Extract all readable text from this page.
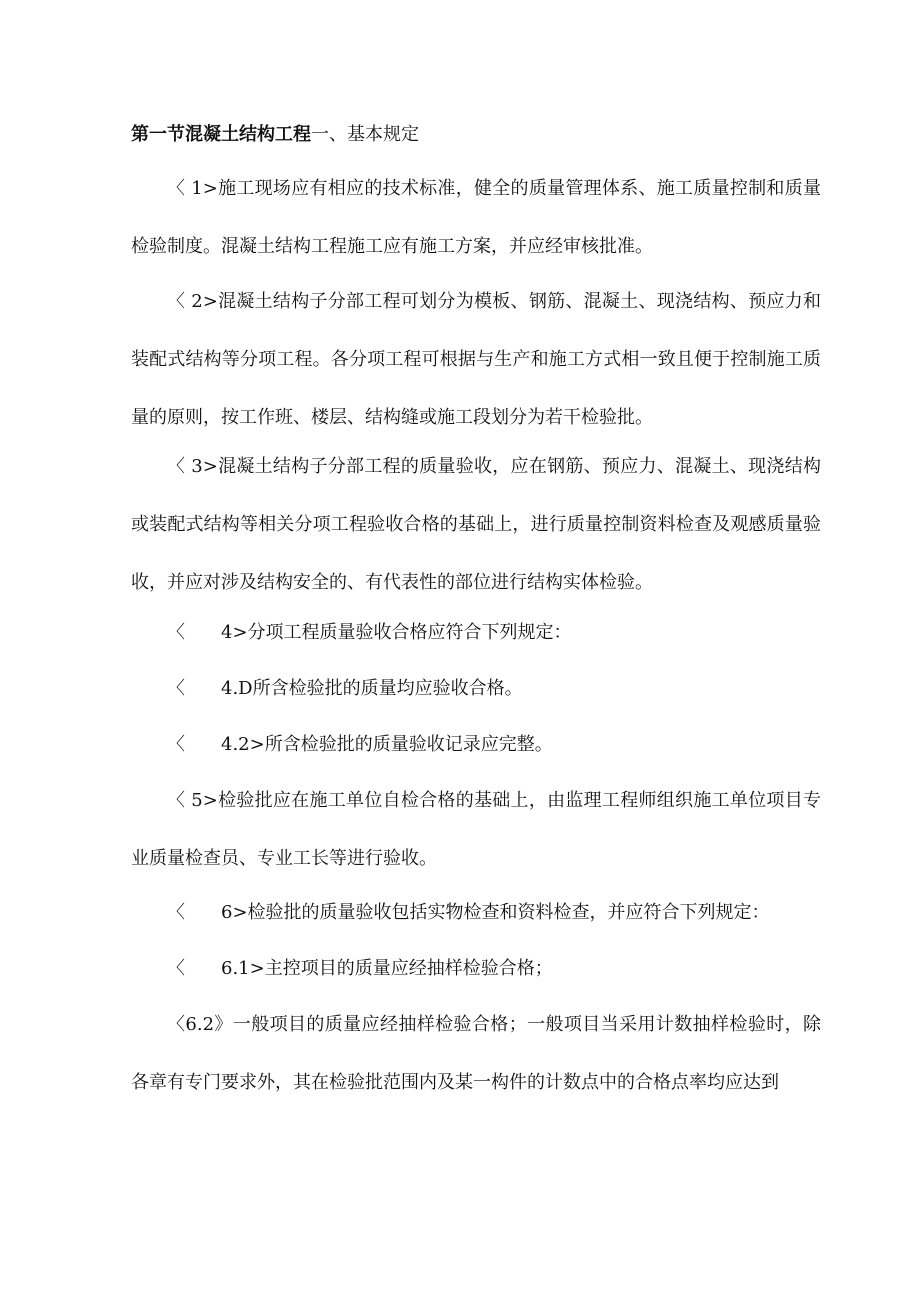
第一节混凝土结构工程一、基本规定
〈 1>施工现场应有相应的技术标准，健全的质量管理体系、施工质量控制和质量检验制度。混凝土结构工程施工应有施工方案，并应经审核批准。
〈 2>混凝土结构子分部工程可划分为模板、钢筋、混凝土、现浇结构、预应力和装配式结构等分项工程。各分项工程可根据与生产和施工方式相一致且便于控制施工质量的原则，按工作班、楼层、结构缝或施工段划分为若干检验批。
〈 3>混凝土结构子分部工程的质量验收，应在钢筋、预应力、混凝土、现浇结构或装配式结构等相关分项工程验收合格的基础上，进行质量控制资料检查及观感质量验收，并应对涉及结构安全的、有代表性的部位进行结构实体检验。
〈 4>分项工程质量验收合格应符合下列规定：
〈 4.D所含检验批的质量均应验收合格。
〈 4.2>所含检验批的质量验收记录应完整。
〈 5>检验批应在施工单位自检合格的基础上，由监理工程师组织施工单位项目专业质量检查员、专业工长等进行验收。
〈 6>检验批的质量验收包括实物检查和资料检查，并应符合下列规定：
〈 6.1>主控项目的质量应经抽样检验合格；
〈6.2》一般项目的质量应经抽样检验合格；一般项目当采用计数抽样检验时，除各章有专门要求外，其在检验批范围内及某一构件的计数点中的合格点率均应达到
